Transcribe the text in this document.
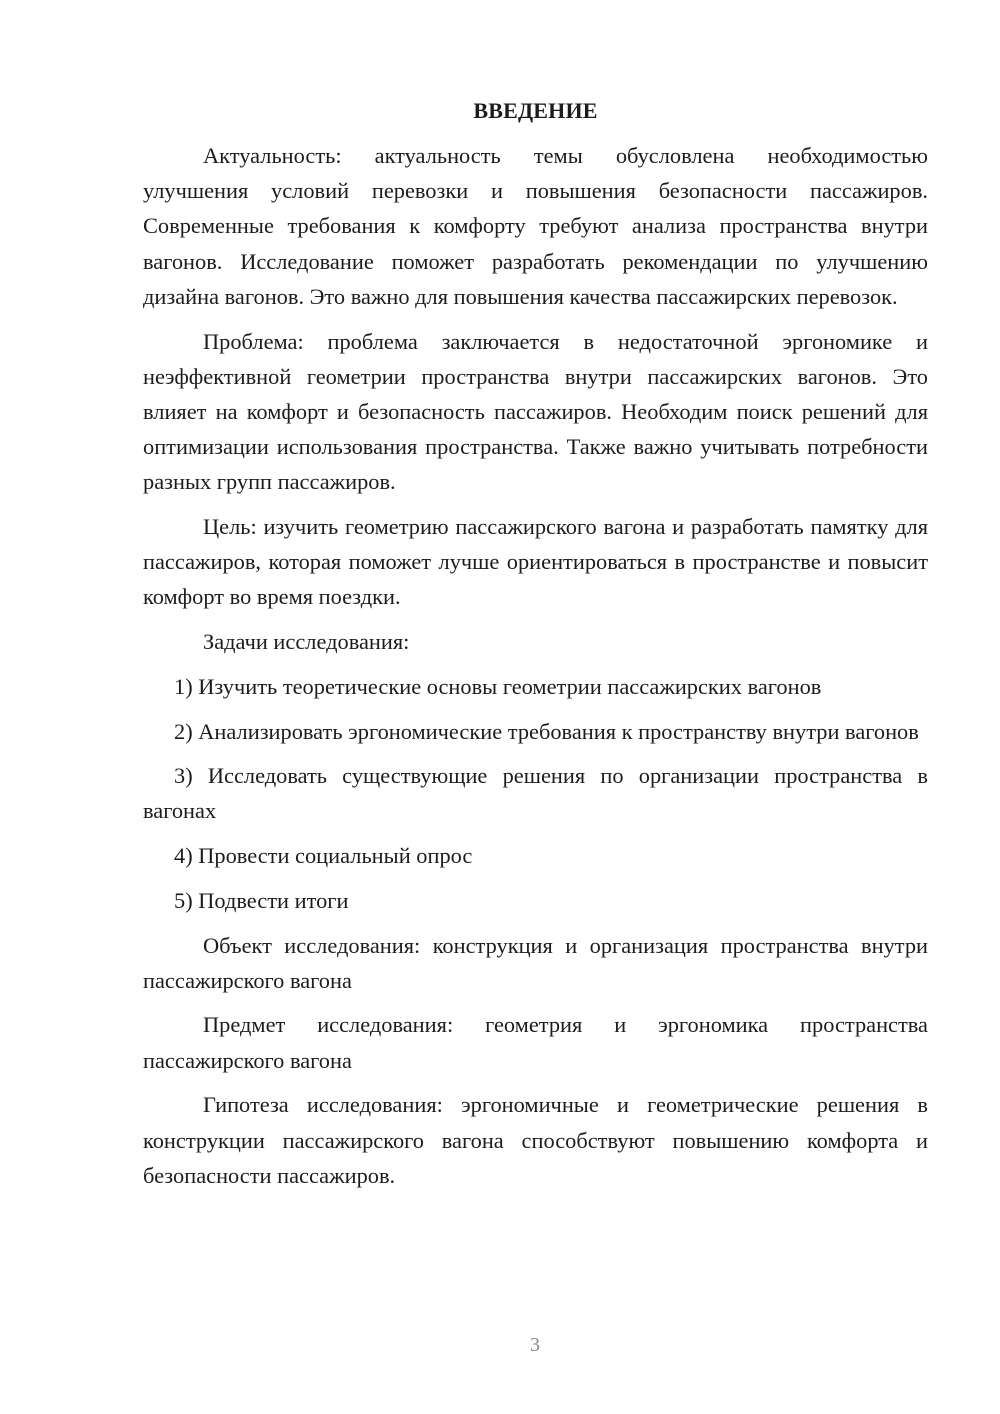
ВВЕДЕНИЕ

Актуальность: актуальность темы обусловлена необходимостью улучшения условий перевозки и повышения безопасности пассажиров. Современные требования к комфорту требуют анализа пространства внутри вагонов. Исследование поможет разработать рекомендации по улучшению дизайна вагонов. Это важно для повышения качества пассажирских перевозок.

Проблема: проблема заключается в недостаточной эргономике и неэффективной геометрии пространства внутри пассажирских вагонов. Это влияет на комфорт и безопасность пассажиров. Необходим поиск решений для оптимизации использования пространства. Также важно учитывать потребности разных групп пассажиров.

Цель: изучить геометрию пассажирского вагона и разработать памятку для пассажиров, которая поможет лучше ориентироваться в пространстве и повысит комфорт во время поездки.

Задачи исследования:

1) Изучить теоретические основы геометрии пассажирских вагонов

2) Анализировать эргономические требования к пространству внутри вагонов

3) Исследовать существующие решения по организации пространства в вагонах

4) Провести социальный опрос

5) Подвести итоги

Объект исследования: конструкция и организация пространства внутри пассажирского вагона

Предмет исследования: геометрия и эргономика пространства пассажирского вагона

Гипотеза исследования: эргономичные и геометрические решения в конструкции пассажирского вагона способствуют повышению комфорта и безопасности пассажиров.

3
